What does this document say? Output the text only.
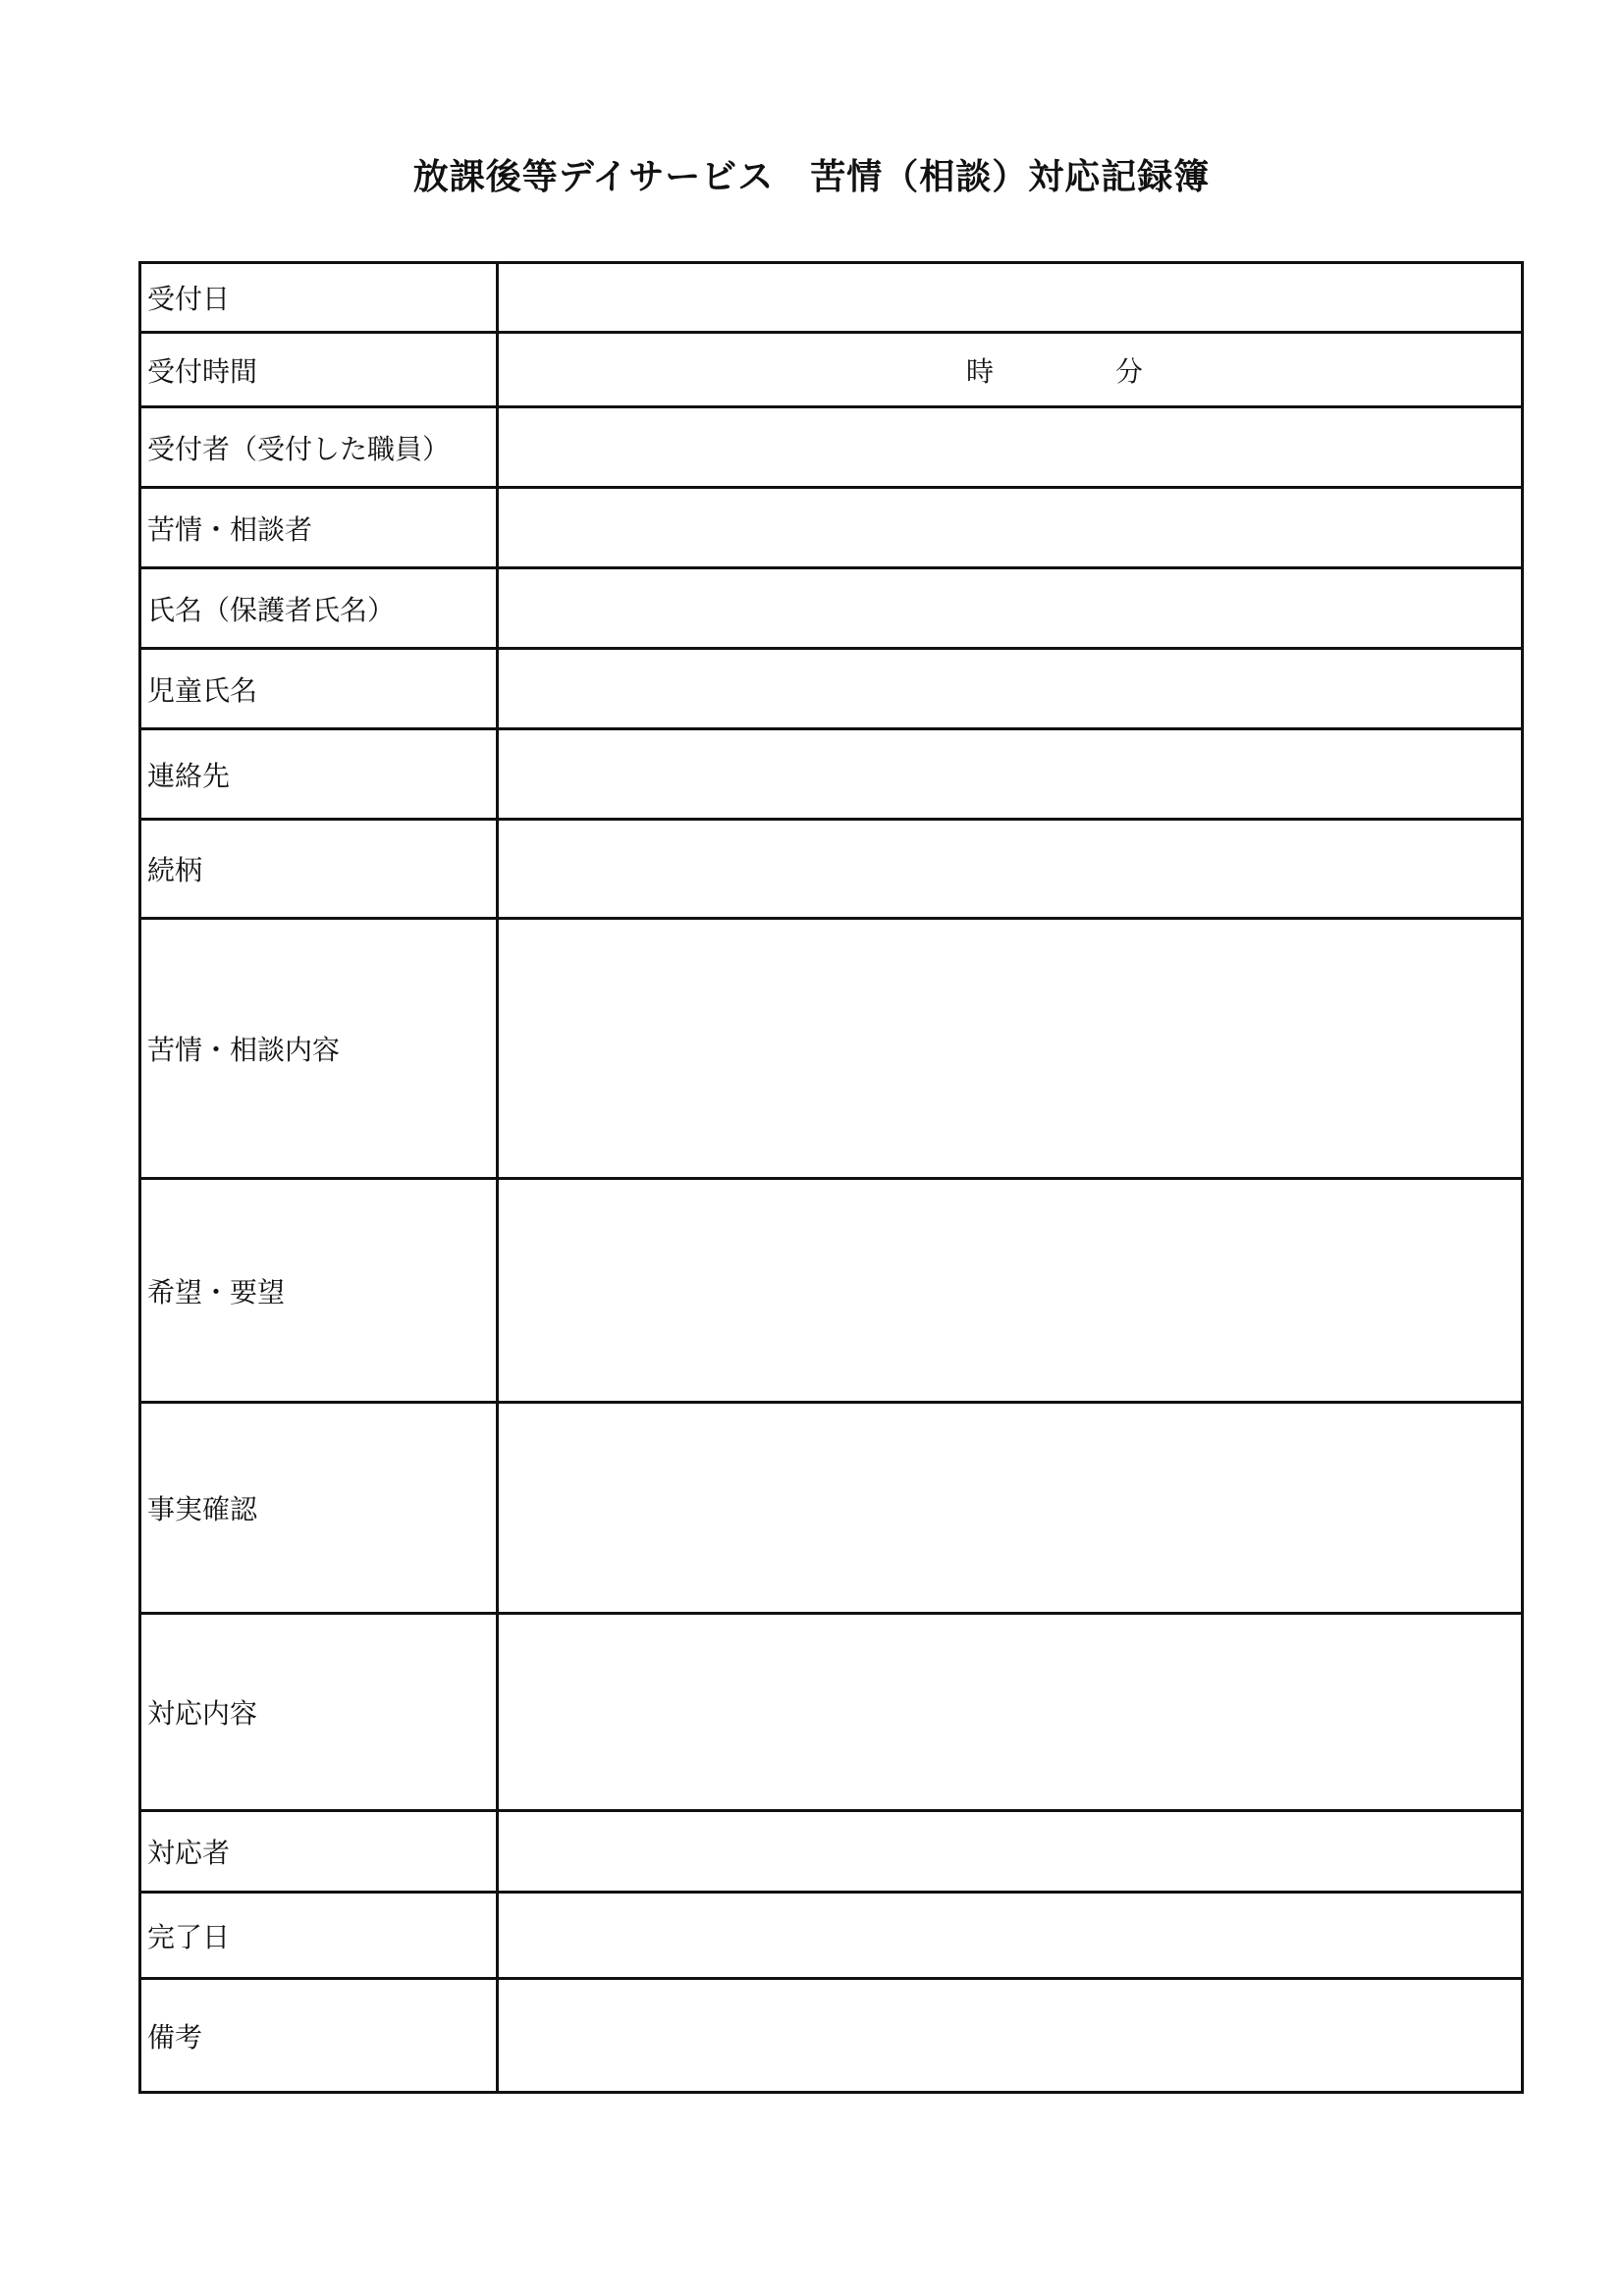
放課後等デイサービス　苦情（相談）対応記録簿
受付日	
受付時間	時 分

受付者（受付した職員）	
苦情・相談者	
氏名（保護者氏名）	
児童氏名	
連絡先	
続柄	
苦情・相談内容	
希望・要望	
事実確認	
対応内容	
対応者	
完了日	
備考	
